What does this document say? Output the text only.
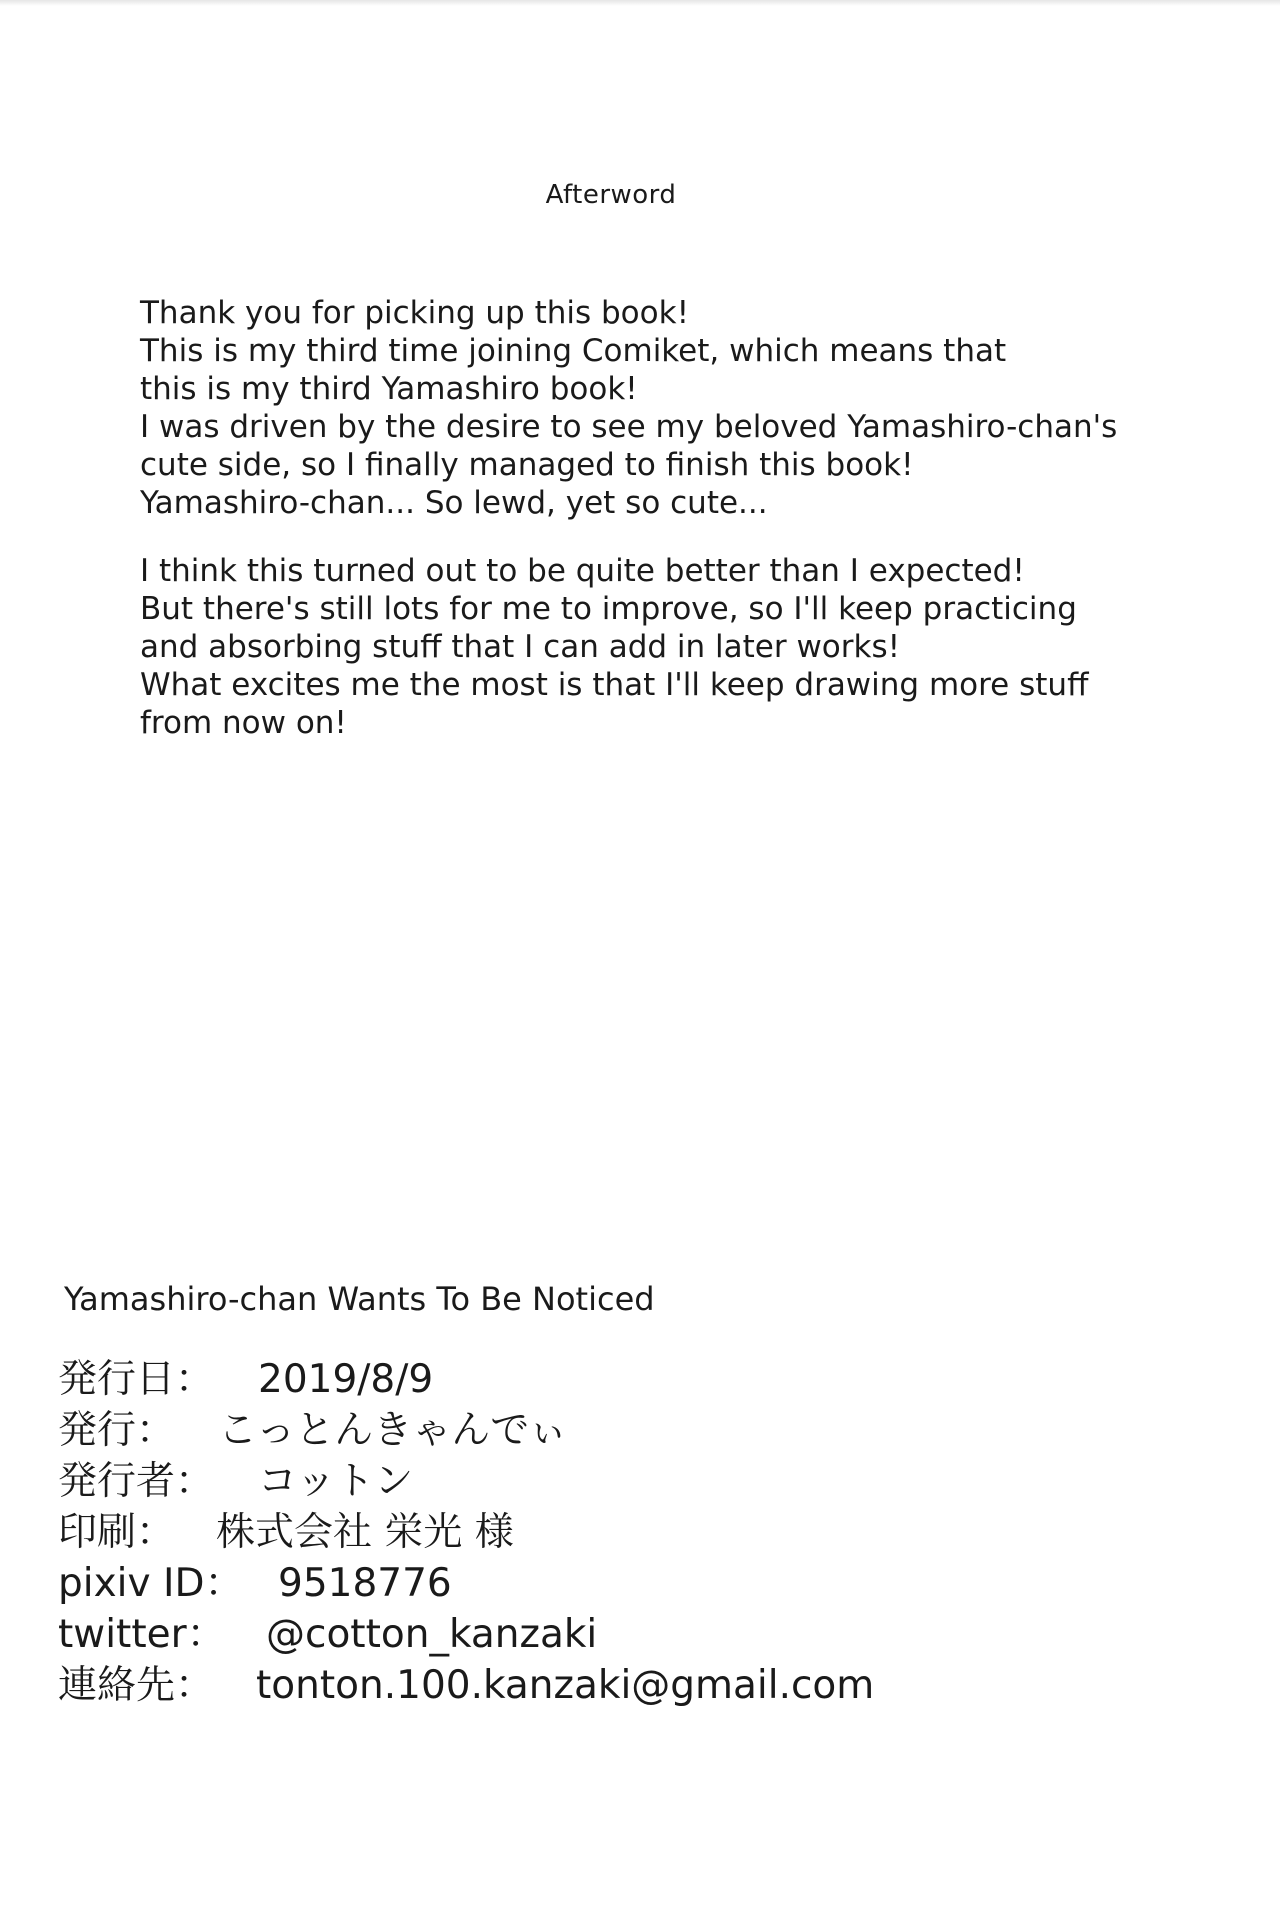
Afterword
Thank you for picking up this book!
This is my third time joining Comiket, which means that
this is my third Yamashiro book!
I was driven by the desire to see my beloved Yamashiro-chan's
cute side, so I finally managed to finish this book!
Yamashiro-chan... So lewd, yet so cute...
I think this turned out to be quite better than I expected!
But there's still lots for me to improve, so I'll keep practicing
and absorbing stuff that I can add in later works!
What excites me the most is that I'll keep drawing more stuff
from now on!
Yamashiro-chan Wants To Be Noticed
発行日： 2019/8/9
発行： こっとんきゃんでぃ
発行者： コットン
印刷： 株式会社 栄光 様
pixiv ID： 9518776
twitter： @cotton_kanzaki
連絡先： tonton.100.kanzaki@gmail.com
